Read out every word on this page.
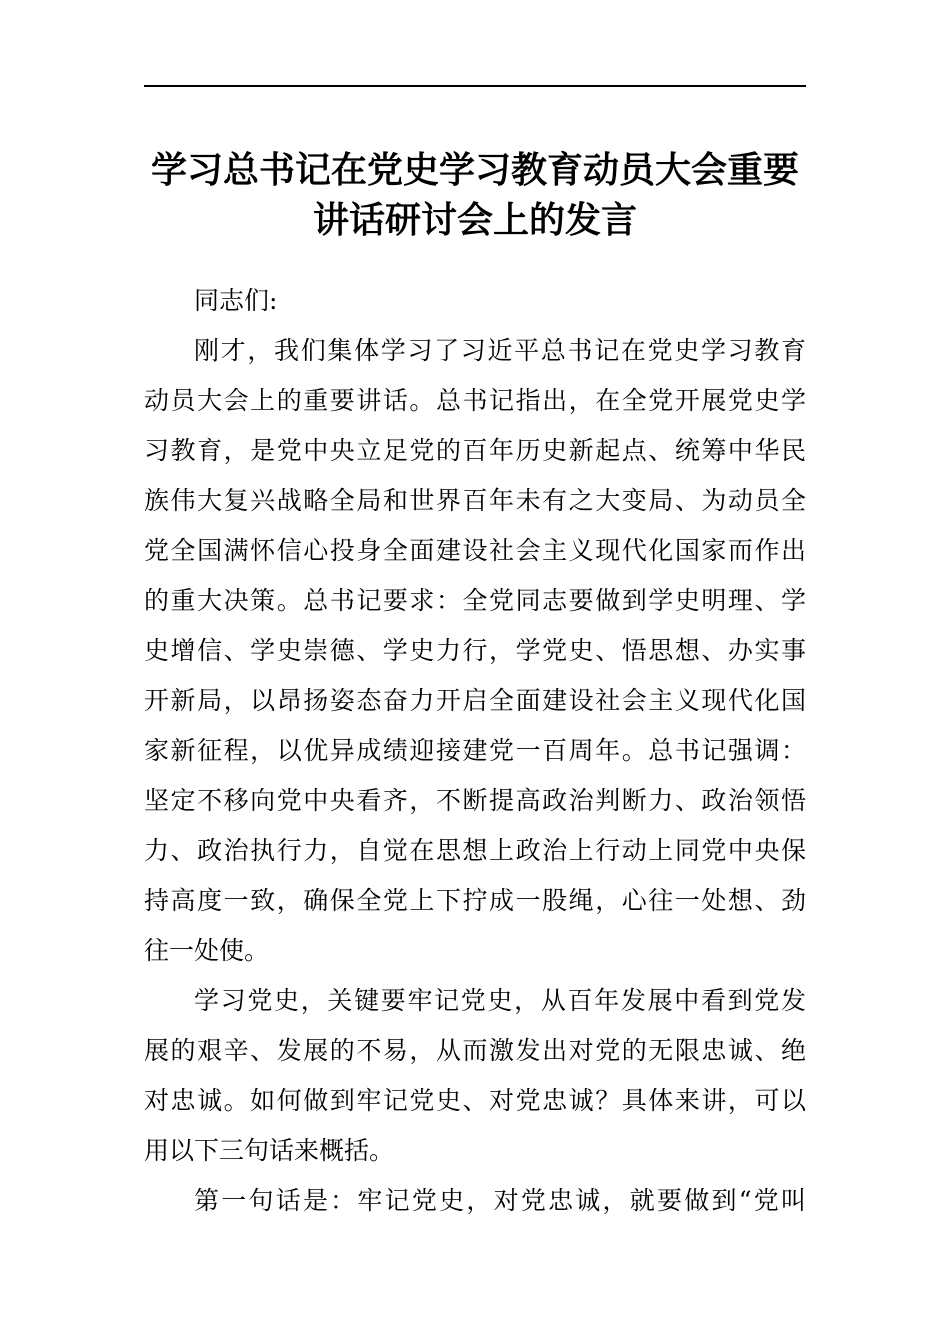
学习总书记在党史学习教育动员大会重要
讲话研讨会上的发言

同志们:

刚才，我们集体学习了习近平总书记在党史学习教育
动员大会上的重要讲话。总书记指出，在全党开展党史学
习教育，是党中央立足党的百年历史新起点、统筹中华民
族伟大复兴战略全局和世界百年未有之大变局、为动员全
党全国满怀信心投身全面建设社会主义现代化国家而作出
的重大决策。总书记要求：全党同志要做到学史明理、学
史增信、学史崇德、学史力行，学党史、悟思想、办实事
开新局，以昂扬姿态奋力开启全面建设社会主义现代化国
家新征程，以优异成绩迎接建党一百周年。总书记强调：
坚定不移向党中央看齐，不断提高政治判断力、政治领悟
力、政治执行力，自觉在思想上政治上行动上同党中央保
持高度一致，确保全党上下拧成一股绳，心往一处想、劲
往一处使。

学习党史，关键要牢记党史，从百年发展中看到党发
展的艰辛、发展的不易，从而激发出对党的无限忠诚、绝
对忠诚。如何做到牢记党史、对党忠诚？具体来讲，可以
用以下三句话来概括。

第一句话是：牢记党史，对党忠诚，就要做到“党叫
